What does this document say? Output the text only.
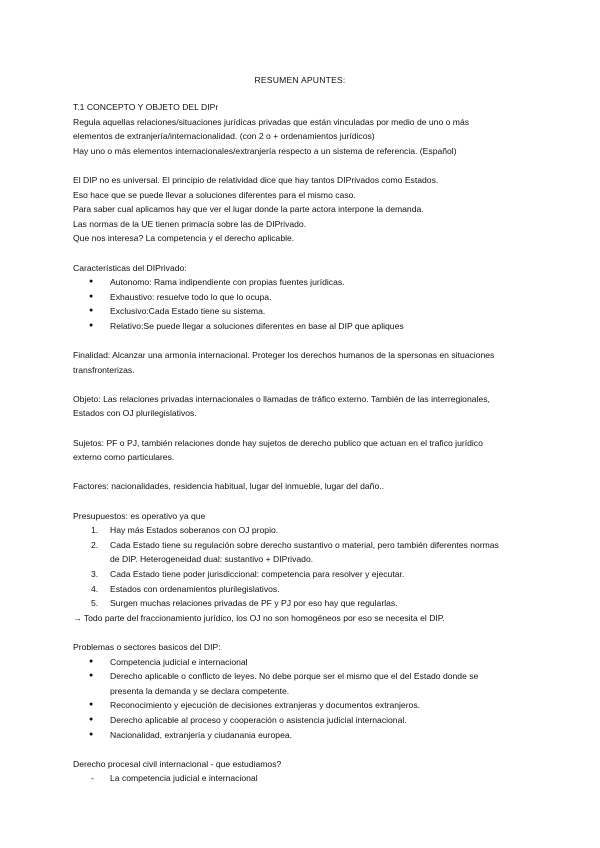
RESUMEN APUNTES:

T.1 CONCEPTO Y OBJETO DEL DIPr

Regula aquellas relaciones/situaciones jurídicas privadas que están vinculadas por medio de uno o más

elementos de extranjería/internacionalidad. (con 2 o + ordenamientos jurídicos)

Hay uno o más elementos internacionales/extranjería respecto a un sistema de referencia. (Español)

El DIP no es universal. El principio de relatividad dice que hay tantos DIPrivados como Estados.

Eso hace que se puede llevar a soluciones diferentes para el mismo caso.

Para saber cual aplicamos hay que ver el lugar donde la parte actora interpone la demanda.

Las normas de la UE tienen primacía sobre las de DIPrivado.

Que nos interesa? La competencia y el derecho aplicable.

Características del DIPrivado:

● Autonomo: Rama indipendiente con propias fuentes jurídicas.
● Exhaustivo: resuelve todo lo que lo ocupa.
● Exclusivo:Cada Estado tiene su sistema.
● Relativo:Se puede llegar a soluciones diferentes en base al DIP que apliques

Finalidad: Alcanzar una armonía internacional. Proteger los derechos humanos de la spersonas en situaciones

transfronterizas.

Objeto: Las relaciones privadas internacionales o llamadas de tráfico externo. También de las interregionales,

Estados con OJ plurilegislativos.

Sujetos: PF o PJ, también relaciones donde hay sujetos de derecho publico que actuan en el trafico jurídico

externo como particulares.

Factores: nacionalidades, residencia habitual, lugar del inmueble, lugar del daño..

Presupuestos: es operativo ya que

1. Hay más Estados soberanos con OJ propio.
2. Cada Estado tiene su regulación sobre derecho sustantivo o material, pero también diferentes normas
de DIP. Heterogeneidad dual: sustantivo + DIPrivado.
3. Cada Estado tiene poder jurisdiccional: competencia para resolver y ejecutar.
4. Estados con ordenamientos plurilegislativos.
5. Surgen muchas relaciones privadas de PF y PJ por eso hay que regularlas.

→ Todo parte del fraccionamiento jurídico, los OJ no son homogéneos por eso se necesita el DIP.

Problemas o sectores basicos del DIP:

● Competencia judicial e internacional
● Derecho aplicable o conflicto de leyes. No debe porque ser el mismo que el del Estado donde se
presenta la demanda y se declara competente.
● Reconocimiento y ejecución de decisiones extranjeras y documentos extranjeros.
● Derecho aplicable al proceso y cooperación o asistencia judicial internacional.
● Nacionalidad, extranjería y ciudanania europea.

Derecho procesal civil internacional - que estudiamos?

- La competencia judicial e internacional
